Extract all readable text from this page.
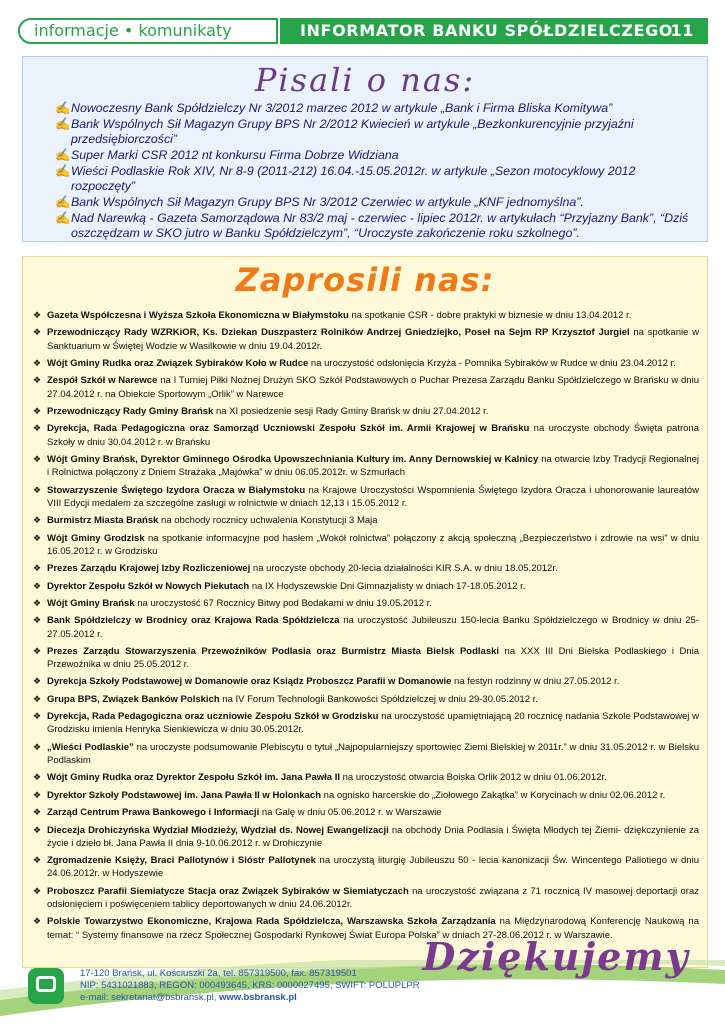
informacje • komunikaty	INFORMATOR BANKU SPÓŁDZIELCZEGO
11
Pisali o nas:
✍Nowoczesny Bank Spółdzielczy Nr 3/2012 marzec 2012 w artykule „Bank i Firma Bliska Komitywa”
✍Bank Wspólnych Sił Magazyn Grupy BPS Nr 2/2012 Kwiecień w artykule „Bezkonkurencyjnie przyjaźni przedsiębiorczości”
✍Super Marki CSR 2012 nt konkursu Firma Dobrze Widziana
✍Wieści Podlaskie Rok XIV, Nr 8-9 (2011-212) 16.04.-15.05.2012r. w artykule „Sezon motocyklowy 2012 rozpoczęty”
✍Bank Wspólnych Sił Magazyn Grupy BPS Nr 3/2012 Czerwiec w artykule „KNF jednomyślna”.
✍Nad Narewką - Gazeta Samorządowa Nr 83/2 maj - czerwiec - lipiec 2012r. w artykułach “Przyjazny Bank”, “Dziś oszczędzam w SKO jutro w Banku Spółdzielczym”, “Uroczyste zakończenie roku szkolnego”.
Zaprosili nas:
❖ Gazeta Współczesna i Wyższa Szkoła Ekonomiczna w Białymstoku na spotkanie CSR - dobre praktyki w biznesie w dniu 13.04.2012 r.
❖ Przewodniczący Rady WZRKiOR, Ks. Dziekan Duszpasterz Rolników Andrzej Gniedziejko, Poseł na Sejm RP Krzysztof Jurgiel na spotkanie w Sanktuarium w Świętej Wodzie w Wasilkowie w dniu 19.04.2012r.
❖ Wójt Gminy Rudka oraz Związek Sybiraków Koło w Rudce na uroczystość odsłonięcia Krzyża - Pomnika Sybiraków w Rudce w dniu 23.04.2012 r.
❖ Zespół Szkół w Narewce na I Turniej Piłki Nożnej Drużyn SKO Szkół Podstawowych o Puchar Prezesa Zarządu Banku Spółdzielczego w Brańsku w dniu 27.04.2012 r. na Obiekcie Sportowym „Orlik” w Narewce
❖ Przewodniczący Rady Gminy Brańsk na XI posiedzenie sesji Rady Gminy Brańsk w dniu 27.04.2012 r.
❖ Dyrekcja, Rada Pedagogiczna oraz Samorząd Uczniowski Zespołu Szkół im. Armii Krajowej w Brańsku na uroczyste obchody Święta patrona Szkoły w dniu 30.04.2012 r. w Brańsku
❖ Wójt Gminy Brańsk, Dyrektor Gminnego Ośrodka Upowszechniania Kultury im. Anny Dernowskiej w Kalnicy na otwarcie Izby Tradycji Regionalnej i Rolnictwa połączony z Dniem Strażaka „Majówka” w dniu 06.05.2012r. w Szmurłach
❖ Stowarzyszenie Świętego Izydora Oracza w Białymstoku na Krajowe Uroczystości Wspomnienia Świętego Izydora Oracza i uhonorowanie laureatów VIII Edycji medalem za szczególne zasługi w rolnictwie w dniach 12,13 i 15.05.2012 r.
❖ Burmistrz Miasta Brańsk na obchody rocznicy uchwalenia Konstytucji 3 Maja
❖ Wójt Gminy Grodzisk na spotkanie informacyjne pod hasłem „Wokół rolnictwa” połączony z akcją społeczną „Bezpieczeństwo i zdrowie na wsi” w dniu 16.05.2012 r. w Grodzisku
❖ Prezes Zarządu Krajowej Izby Rozliczeniowej na uroczyste obchody 20-lecia działalności KIR S.A. w dniu 18.05.2012r.
❖ Dyrektor Zespołu Szkół w Nowych Piekutach na IX Hodyszewskie Dni Gimnazjalisty w dniach 17-18.05.2012 r.
❖ Wójt Gminy Brańsk na uroczystość 67 Rocznicy Bitwy pod Bodakami w dniu 19.05.2012 r.
❖ Bank Spółdzielczy w Brodnicy oraz Krajowa Rada Spółdzielcza na uroczystość Jubileuszu 150-lecia Banku Spółdzielczego w Brodnicy w dniu 25-27.05.2012 r.
❖ Prezes Zarządu Stowarzyszenia Przewoźników Podlasia oraz Burmistrz Miasta Bielsk Podlaski na XXX III Dni Bielska Podlaskiego i Dnia Przewoźnika w dniu 25.05.2012 r.
❖ Dyrekcja Szkoły Podstawowej w Domanowie oraz Ksiądz Proboszcz Parafii w Domanowie na festyn rodzinny w dniu 27.05.2012 r.
❖ Grupa BPS, Związek Banków Polskich na IV Forum Technologii Bankowości Spółdzielczej w dniu 29-30.05.2012 r.
❖ Dyrekcja, Rada Pedagogiczna oraz uczniowie Zespołu Szkół w Grodzisku na uroczystość upamiętniającą 20 rocznicę nadania Szkole Podstawowej w Grodzisku imienia Henryka Sienkiewicza w dniu 30.05.2012r.
❖ „Wieści Podlaskie” na uroczyste podsumowanie Plebiscytu o tytuł „Najpopularniejszy sportowiec Ziemi Bielskiej w 2011r.” w dniu 31.05.2012 r. w Bielsku Podlaskim
❖ Wójt Gminy Rudka oraz Dyrektor Zespołu Szkół im. Jana Pawła II na uroczystość otwarcia Boiska Orlik 2012 w dniu 01.06.2012r.
❖ Dyrektor Szkoły Podstawowej im. Jana Pawła II w Holonkach na ognisko harcerskie do „Ziołowego Zakątka” w Korycinach w dniu 02.06.2012 r.
❖ Zarząd Centrum Prawa Bankowego i Informacji na Galę w dniu 05.06.2012 r. w Warszawie
❖ Diecezja Drohiczyńska Wydział Młodzieży, Wydział ds. Nowej Ewangelizacji na obchody Dnia Podlasia i Święta Młodych tej Ziemi- dziękczynienie za życie i dzieło bł. Jana Pawła II dnia 9-10.06.2012 r. w Drohiczynie
❖ Zgromadzenie Księży, Braci Pallotynów i Sióstr Pallotynek na uroczystą liturgię Jubileuszu 50 - lecia kanonizacji Św. Wincentego Pallotiego w dniu 24.06.2012r. w Hodyszewie
❖ Proboszcz Parafii Siemiatycze Stacja oraz Związek Sybiraków w Siemiatyczach na uroczystość związana z 71 rocznicą IV masowej deportacji oraz odsłonięciem i poświęceniem tablicy deportowanych w dniu 24.06.2012r.
❖ Polskie Towarzystwo Ekonomiczne, Krajowa Rada Spółdzielcza, Warszawska Szkoła Zarządzania na Międzynarodową Konferencję Naukową na temat: “ Systemy finansowe na rzecz Społecznej Gospodarki Rynkowej Świat Europa Polska” w dniach 27-28.06.2012 r. w Warszawie.
Dziękujemy
17-120 Brańsk, ul. Kościuszki 2a, tel. 857319500, fax. 857319501
NIP: 5431021883, REGON: 000493645, KRS: 0000027495, SWIFT: POLUPLPR
e-mail: sekretariat@bsbransk.pl, www.bsbransk.pl
